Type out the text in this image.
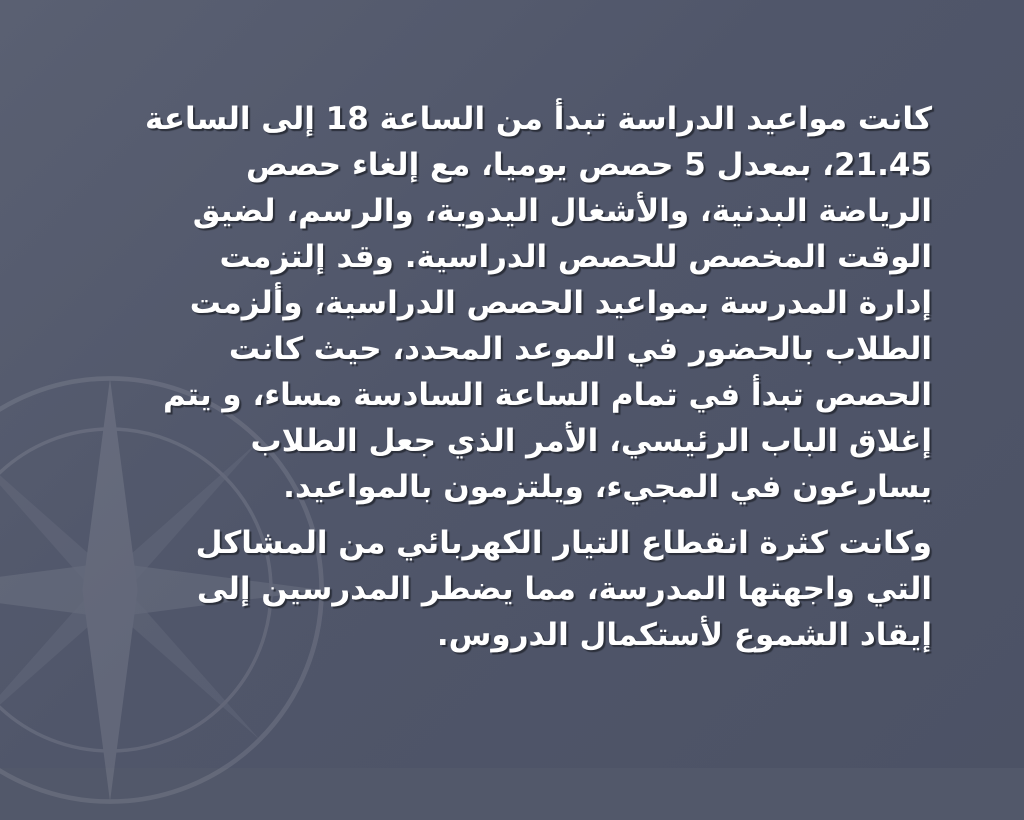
كانت مواعيد الدراسة تبدأ من الساعة 18 إلى الساعة 21.45، بمعدل 5 حصص يوميا، مع إلغاء حصص الرياضة البدنية، والأشغال اليدوية، والرسم، لضيق الوقت المخصص للحصص الدراسية. وقد إلتزمت إدارة المدرسة بمواعيد الحصص الدراسية، وألزمت الطلاب بالحضور في الموعد المحدد، حيث كانت الحصص تبدأ في تمام الساعة السادسة مساء، و يتم إغلاق الباب الرئيسي، الأمر الذي جعل الطلاب يسارعون في المجيء، ويلتزمون بالمواعيد.
وكانت كثرة انقطاع التيار الكهربائي من المشاكل التي واجهتها المدرسة، مما يضطر المدرسين إلى إيقاد الشموع لأستكمال الدروس.
